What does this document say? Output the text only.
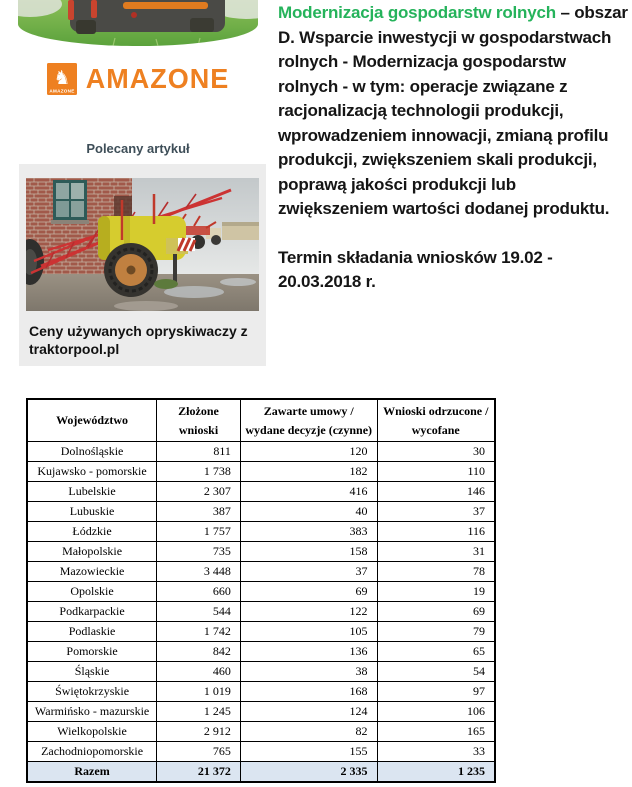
♞
AMAZONE AMAZONE
Polecany artykuł
Ceny używanych opryskiwaczy z traktorpool.pl

Modernizacja gospodarstw rolnych – obszar D. Wsparcie inwestycji w gospodarstwach rolnych - Modernizacja gospodarstw rolnych - w tym: operacje związane z racjonalizacją technologii produkcji, wprowadzeniem innowacji, zmianą profilu produkcji, zwiększeniem skali produkcji, poprawą jakości produkcji lub zwiększeniem wartości dodanej produktu.

Termin składania wniosków 19.02 - 20.03.2018 r.

Województwo	Złożone wnioski	Zawarte umowy / wydane decyzje (czynne)	Wnioski odrzucone / wycofane
Dolnośląskie	811	120	30
Kujawsko - pomorskie	1 738	182	110
Lubelskie	2 307	416	146
Lubuskie	387	40	37
Łódzkie	1 757	383	116
Małopolskie	735	158	31
Mazowieckie	3 448	37	78
Opolskie	660	69	19
Podkarpackie	544	122	69
Podlaskie	1 742	105	79
Pomorskie	842	136	65
Śląskie	460	38	54
Świętokrzyskie	1 019	168	97
Warmińsko - mazurskie	1 245	124	106
Wielkopolskie	2 912	82	165
Zachodniopomorskie	765	155	33
Razem	21 372	2 335	1 235
